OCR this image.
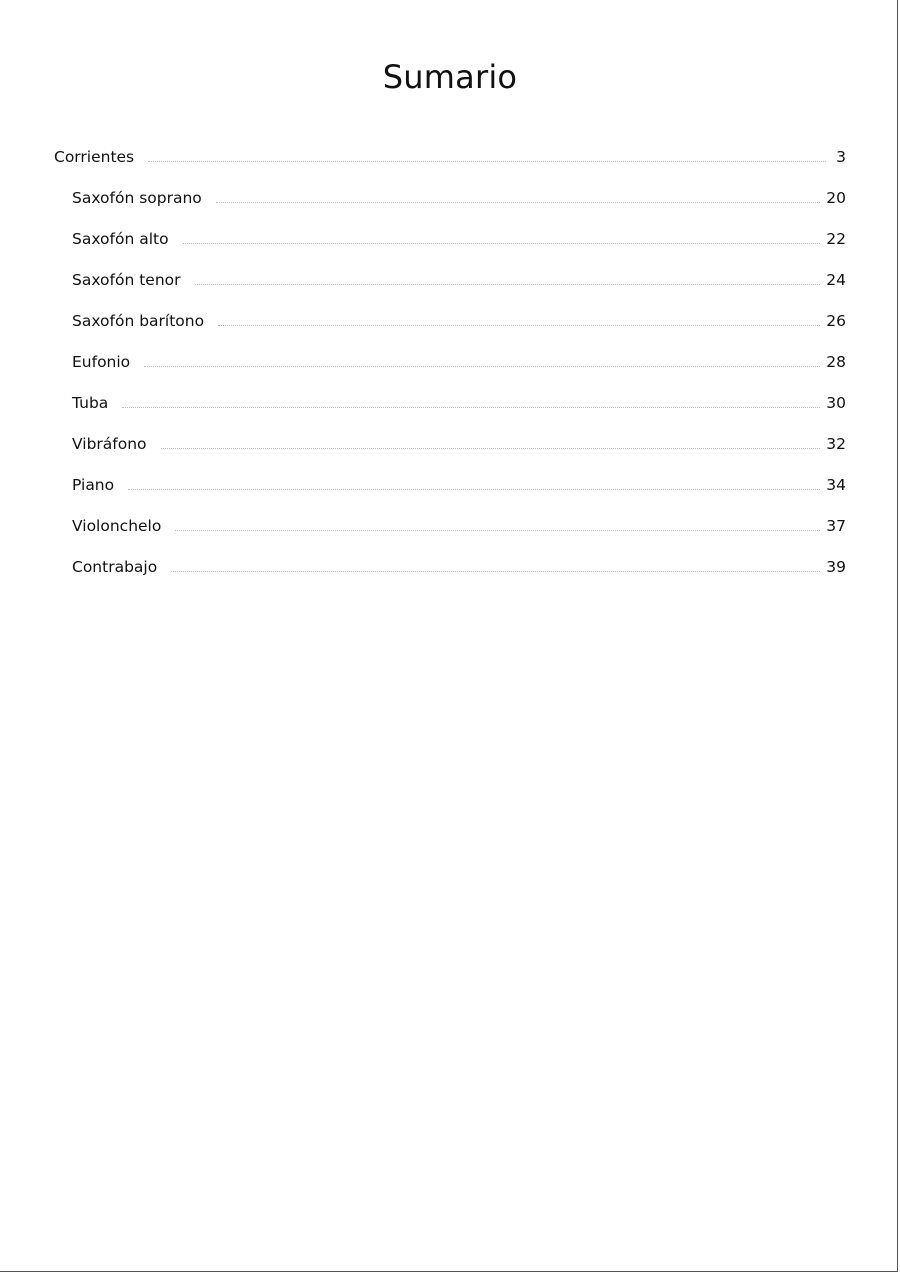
Sumario
Corrientes	3
Saxofón soprano	20
Saxofón alto	22
Saxofón tenor	24
Saxofón barítono	26
Eufonio	28
Tuba	30
Vibráfono	32
Piano	34
Violonchelo	37
Contrabajo	39
